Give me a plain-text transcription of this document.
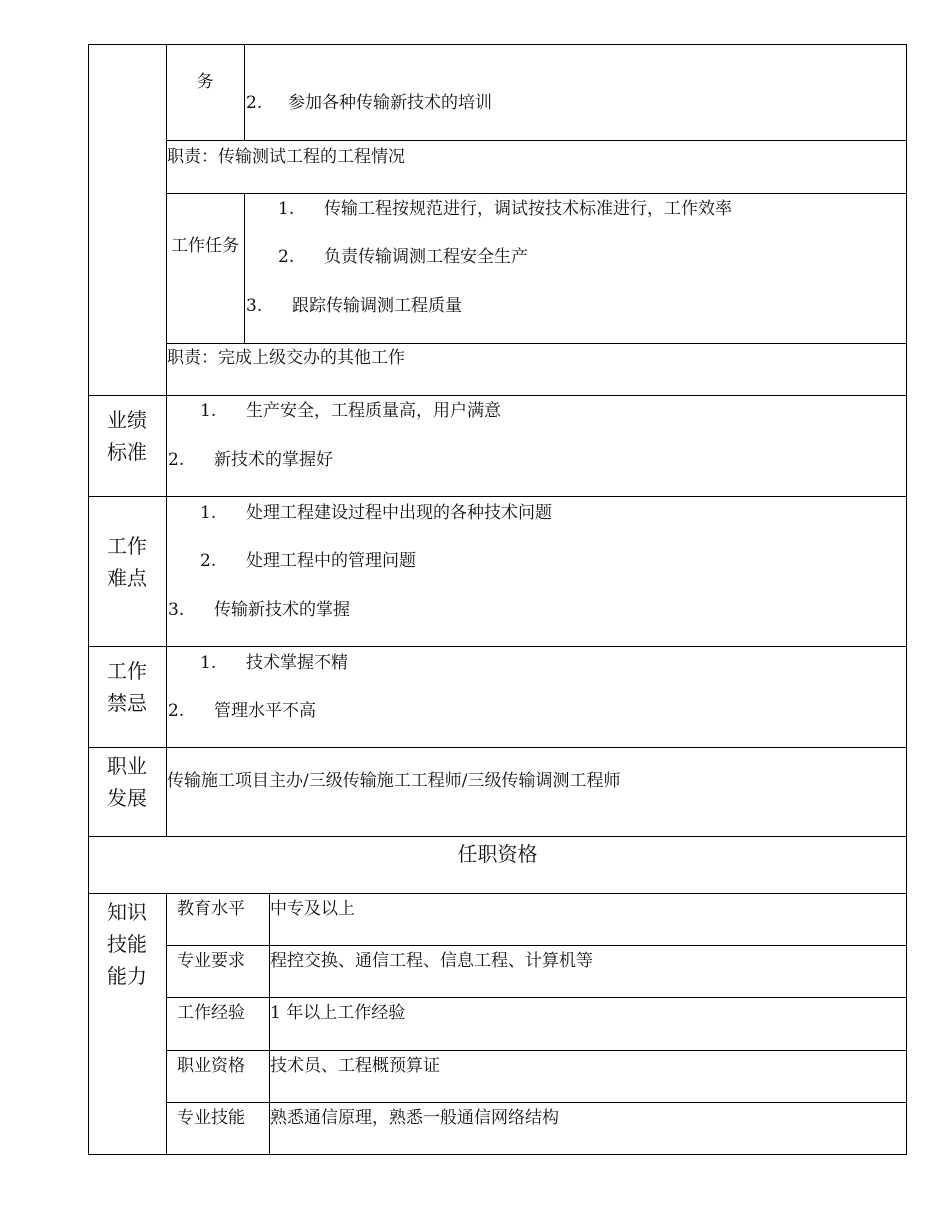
务
2. 参加各种传输新技术的培训
职责：传输测试工程的工程情况
工作任务
1. 传输工程按规范进行，调试按技术标准进行，工作效率
2. 负责传输调测工程安全生产
3. 跟踪传输调测工程质量
职责：完成上级交办的其他工作
业绩标准
1. 生产安全，工程质量高，用户满意
2. 新技术的掌握好
工作难点
1. 处理工程建设过程中出现的各种技术问题
2. 处理工程中的管理问题
3. 传输新技术的掌握
工作禁忌
1. 技术掌握不精
2. 管理水平不高
职业发展
传输施工项目主办/三级传输施工工程师/三级传输调测工程师
任职资格
知识技能能力
教育水平 中专及以上
专业要求 程控交换、通信工程、信息工程、计算机等
工作经验 1 年以上工作经验
职业资格 技术员、工程概预算证
专业技能 熟悉通信原理，熟悉一般通信网络结构
